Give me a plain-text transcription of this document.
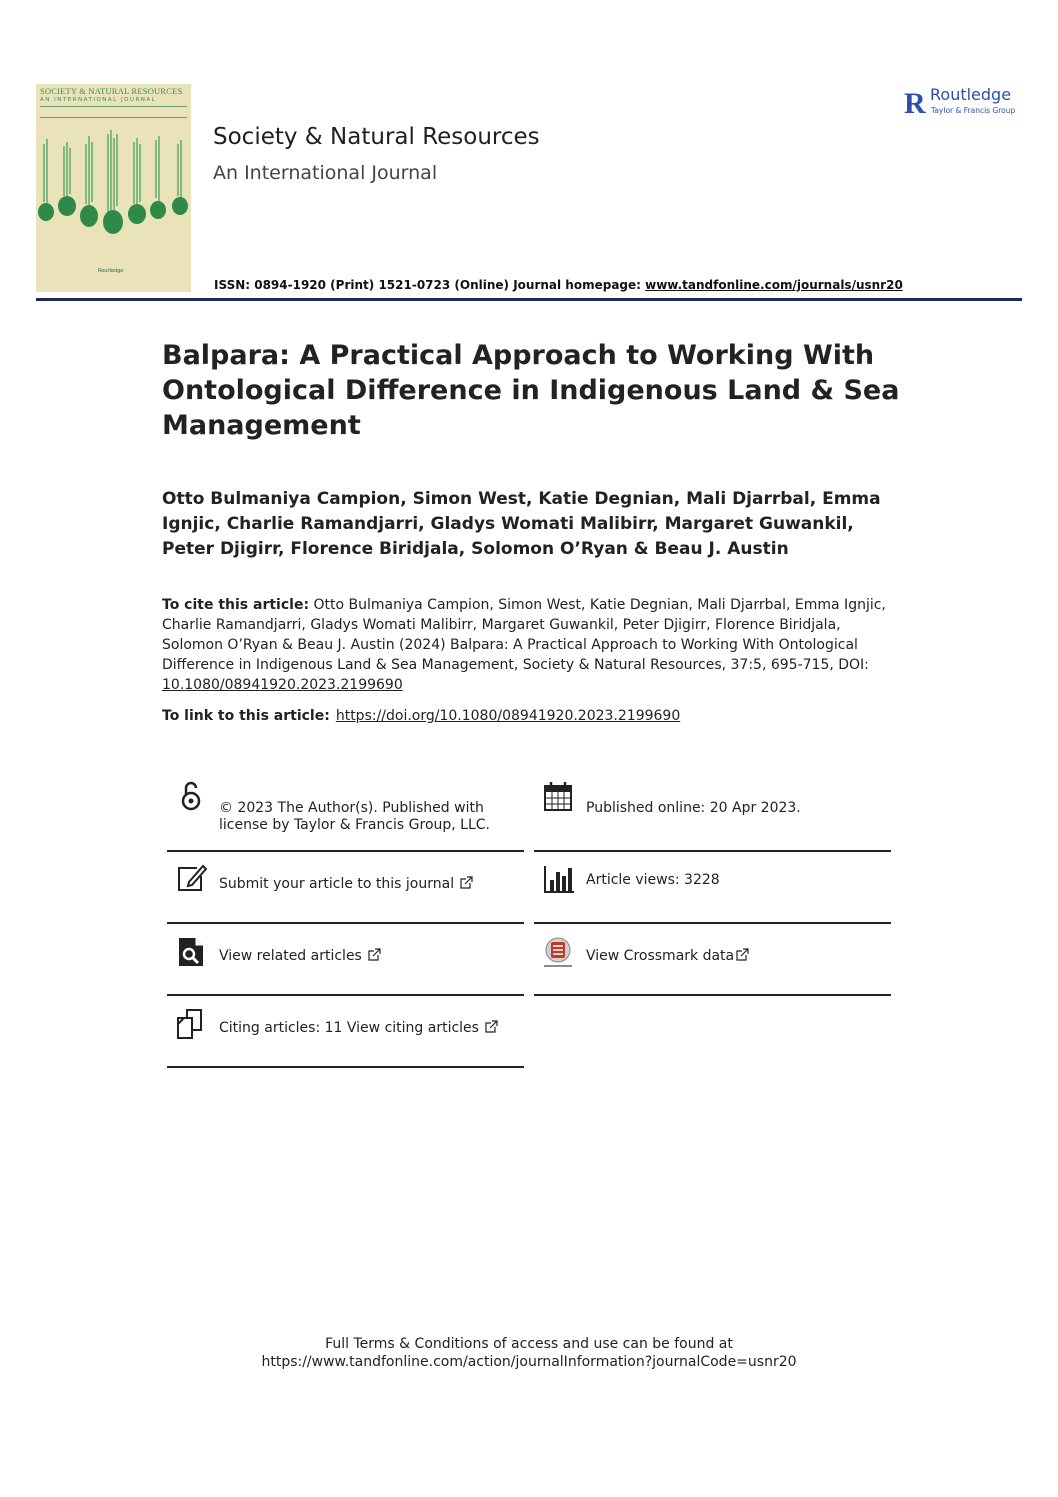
SOCIETY & NATURAL RESOURCES
AN INTERNATIONAL JOURNAL
Routledge
Society & Natural Resources
An International Journal
R Routledge
Taylor & Francis Group
ISSN: 0894-1920 (Print) 1521-0723 (Online) Journal homepage: www.tandfonline.com/journals/usnr20
Balpara: A Practical Approach to Working With Ontological Difference in Indigenous Land & Sea Management
Otto Bulmaniya Campion, Simon West, Katie Degnian, Mali Djarrbal, Emma Ignjic, Charlie Ramandjarri, Gladys Womati Malibirr, Margaret Guwankil, Peter Djigirr, Florence Biridjala, Solomon O’Ryan & Beau J. Austin
To cite this article: Otto Bulmaniya Campion, Simon West, Katie Degnian, Mali Djarrbal, Emma Ignjic, Charlie Ramandjarri, Gladys Womati Malibirr, Margaret Guwankil, Peter Djigirr, Florence Biridjala, Solomon O’Ryan & Beau J. Austin (2024) Balpara: A Practical Approach to Working With Ontological Difference in Indigenous Land & Sea Management, Society & Natural Resources, 37:5, 695-715, DOI: 10.1080/08941920.2023.2199690
To link to this article: https://doi.org/10.1080/08941920.2023.2199690
© 2023 The Author(s). Published with license by Taylor & Francis Group, LLC.
Published online: 20 Apr 2023.
Submit your article to this journal	Article views: 3228
View related articles	View Crossmark data
Citing articles: 11 View citing articles
Full Terms & Conditions of access and use can be found at
https://www.tandfonline.com/action/journalInformation?journalCode=usnr20
